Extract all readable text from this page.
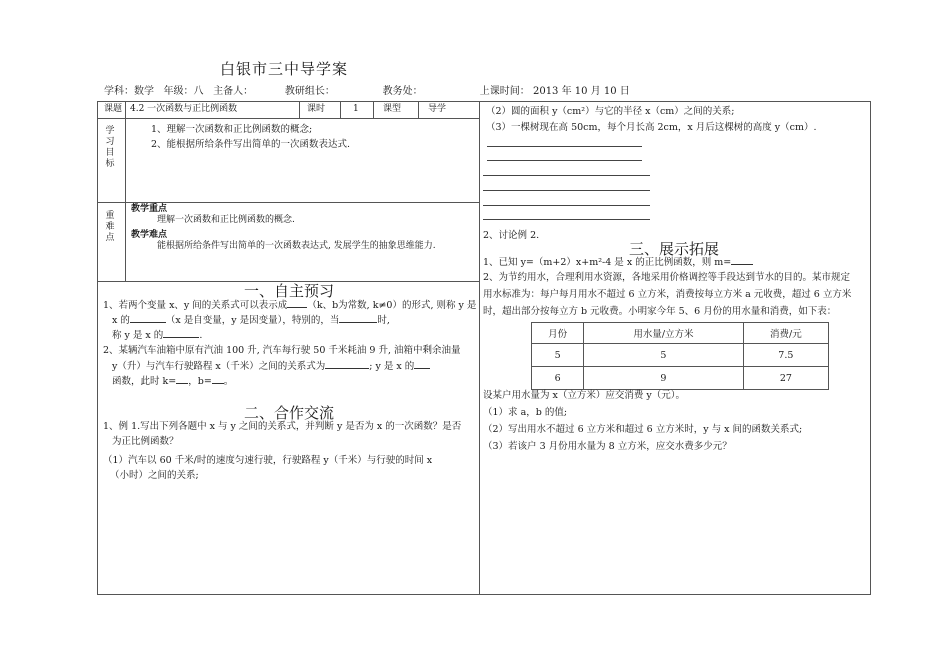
白银市三中导学案
学科：数学 年级：八 主备人：	教研组长：	教务处：	上课时间： 2013 年 10 月 10 日
课题 4.2 一次函数与正比例函数	课时	1	课型	导学
学习目标
1、理解一次函数和正比例函数的概念;
2、能根据所给条件写出简单的一次函数表达式.
重难点
教学重点
理解一次函数和正比例函数的概念.
教学难点
能根据所给条件写出简单的一次函数表达式, 发展学生的抽象思维能力.
一、自主预习
1、若两个变量 x、y 间的关系式可以表示成 （k、b为常数, k≠0）的形式, 则称 y 是
x 的	（x 是自变量，y 是因变量），特别的，当	时,
称 y 是 x 的	.
2、某辆汽车油箱中原有汽油 100 升, 汽车每行驶 50 千米耗油 9 升, 油箱中剩余油量
y（升）与汽车行驶路程 x（千米）之间的关系式为	; y 是 x 的
函数，此时 k= ，b= 。
二、合作交流
1、例 1.写出下列各题中 x 与 y 之间的关系式，并判断 y 是否为 x 的一次函数？是否
为正比例函数？
（1）汽车以 60 千米/时的速度匀速行驶，行驶路程 y（千米）与行驶的时间 x
（小时）之间的关系;
（2）圆的面积 y（cm²）与它的半径 x（cm）之间的关系;
（3）一棵树现在高 50cm，每个月长高 2cm，x 月后这棵树的高度 y（cm）.
2、讨论例 2.
三、展示拓展
1、已知 y=（m+2）x+m²-4 是 x 的正比例函数，则 m=
2、为节约用水，合理利用水资源，各地采用价格调控等手段达到节水的目的。某市规定
用水标准为：每户每月用水不超过 6 立方米，消费按每立方米 a 元收费，超过 6 立方米
时，超出部分按每立方 b 元收费。小明家今年 5、6 月份的用水量和消费，如下表：
月份	用水量/立方米	消费/元
5	5	7.5
6	9	27
设某户用水量为 x（立方米）应交消费 y（元）。
（1）求 a，b 的值;
（2）写出用水不超过 6 立方米和超过 6 立方米时，y 与 x 间的函数关系式;
（3）若该户 3 月份用水量为 8 立方米，应交水费多少元？
